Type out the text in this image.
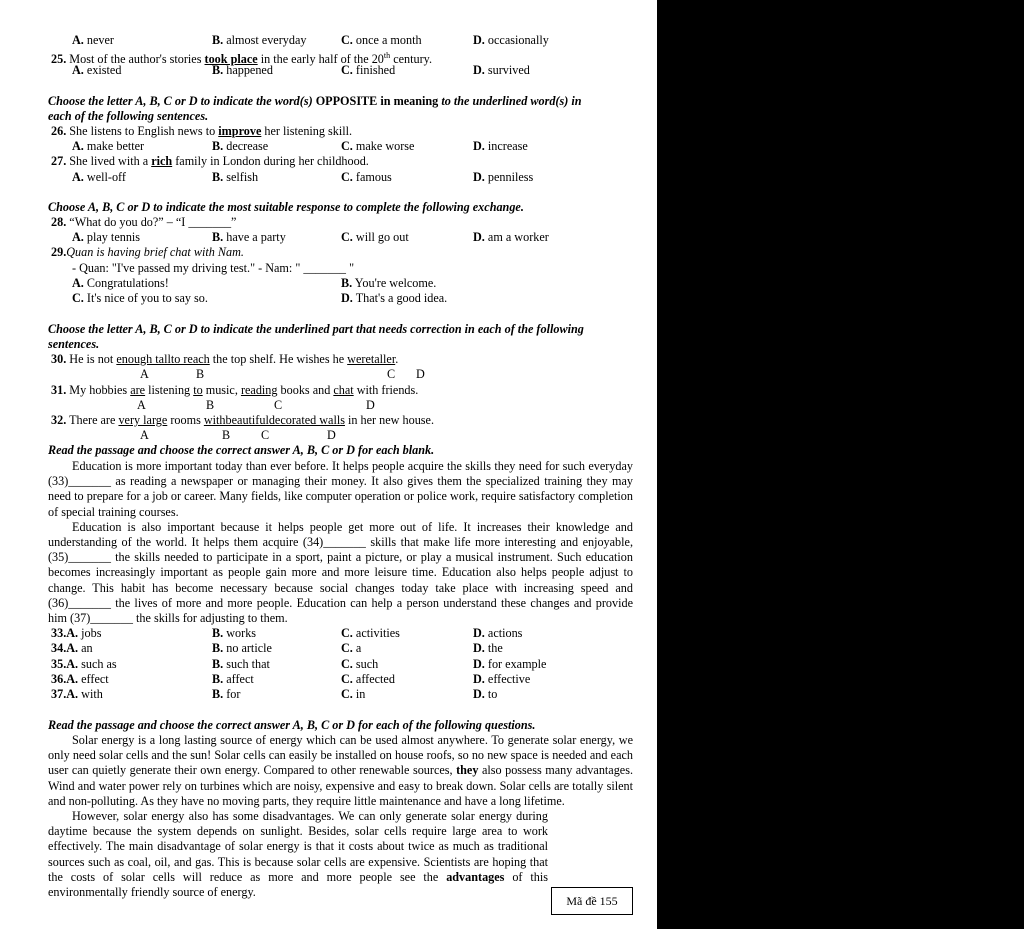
A. never	B. almost everyday	C. once a month	D. occasionally
25. Most of the author's stories took place in the early half of the 20th century.
A. existed	B. happened	C. finished	D. survived
Choose the letter A, B, C or D to indicate the word(s) OPPOSITE in meaning to the underlined word(s) in
each of the following sentences.
26. She listens to English news to improve her listening skill.
A. make better	B. decrease	C. make worse	D. increase
27. She lived with a rich family in London during her childhood.
A. well-off	B. selfish	C. famous	D. penniless
Choose A, B, C or D to indicate the most suitable response to complete the following exchange.
28. “What do you do?” – “I _______”
A. play tennis	B. have a party	C. will go out	D. am a worker
29.Quan is having brief chat with Nam.
- Quan: "I've passed my driving test." - Nam: " _______ "
A. Congratulations!	B. You're welcome.
C. It's nice of you to say so.	D. That's a good idea.
Choose the letter A, B, C or D to indicate the underlined part that needs correction in each of the following
sentences.
30. He is not enough tallto reach the top shelf. He wishes he weretaller.
A	B	C D
31. My hobbies are listening to music, reading books and chat with friends.
A	B	C	D
32. There are very large rooms withbeautifuldecorated walls in her new house.
A	B	C	D
Read the passage and choose the correct answer A, B, C or D for each blank.

Education is more important today than ever before. It helps people acquire the skills they need for such everyday (33)_______ as reading a newspaper or managing their money. It also gives them the specialized training they may need to prepare for a job or career. Many fields, like computer operation or police work, require satisfactory completion of special training courses.

Education is also important because it helps people get more out of life. It increases their knowledge and understanding of the world. It helps them acquire (34)_______ skills that make life more interesting and enjoyable, (35)_______ the skills needed to participate in a sport, paint a picture, or play a musical instrument. Such education becomes increasingly important as people gain more and more leisure time. Education also helps people adjust to change. This habit has become necessary because social changes today take place with increasing speed and (36)_______ the lives of more and more people. Education can help a person understand these changes and provide him (37)_______ the skills for adjusting to them.

33.A. jobs	B. works	C. activities	D. actions
34.A. an	B. no article	C. a	D. the
35.A. such as	B. such that	C. such	D. for example
36.A. effect	B. affect	C. affected	D. effective
37.A. with	B. for	C. in	D. to
Read the passage and choose the correct answer A, B, C or D for each of the following questions.

Solar energy is a long lasting source of energy which can be used almost anywhere. To generate solar energy, we only need solar cells and the sun! Solar cells can easily be installed on house roofs, so no new space is needed and each user can quietly generate their own energy. Compared to other renewable sources, they also possess many advantages. Wind and water power rely on turbines which are noisy, expensive and easy to break down. Solar cells are totally silent and non-polluting. As they have no moving parts, they require little maintenance and have a long lifetime.

However, solar energy also has some disadvantages. We can only generate solar energy during daytime because the system depends on sunlight. Besides, solar cells require large area to work effectively. The main disadvantage of solar energy is that it costs about twice as much as traditional sources such as coal, oil, and gas. This is because solar cells are expensive. Scientists are hoping that the costs of solar cells will reduce as more and more people see the advantages of this environmentally friendly source of energy.

Mã đề 155
